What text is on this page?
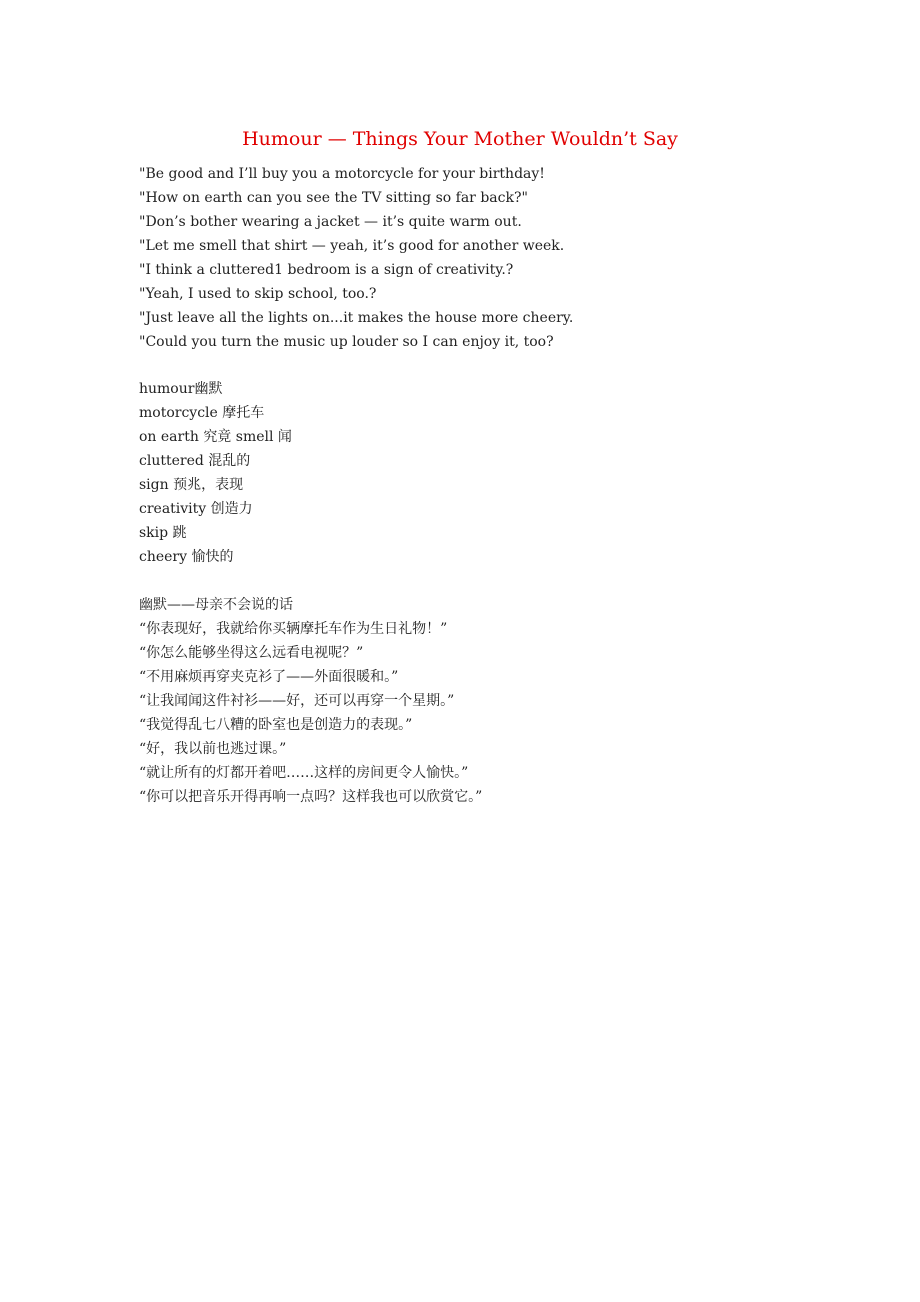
Humour — Things Your Mother Wouldn’t Say
"Be good and I’ll buy you a motorcycle for your birthday!
"How on earth can you see the TV sitting so far back?"
"Don’s bother wearing a jacket — it’s quite warm out.
"Let me smell that shirt — yeah, it’s good for another week.
"I think a cluttered1 bedroom is a sign of creativity.?
"Yeah, I used to skip school, too.?
"Just leave all the lights on...it makes the house more cheery.
"Could you turn the music up louder so I can enjoy it, too?
humour幽默
motorcycle 摩托车
on earth 究竟 smell 闻
cluttered 混乱的
sign 预兆，表现
creativity 创造力
skip 跳
cheery 愉快的
幽默——母亲不会说的话
“你表现好，我就给你买辆摩托车作为生日礼物！”
“你怎么能够坐得这么远看电视呢？”
“不用麻烦再穿夹克衫了——外面很暖和。”
“让我闻闻这件衬衫——好，还可以再穿一个星期。”
“我觉得乱七八糟的卧室也是创造力的表现。”
“好，我以前也逃过课。”
“就让所有的灯都开着吧……这样的房间更令人愉快。”
“你可以把音乐开得再响一点吗？这样我也可以欣赏它。”
